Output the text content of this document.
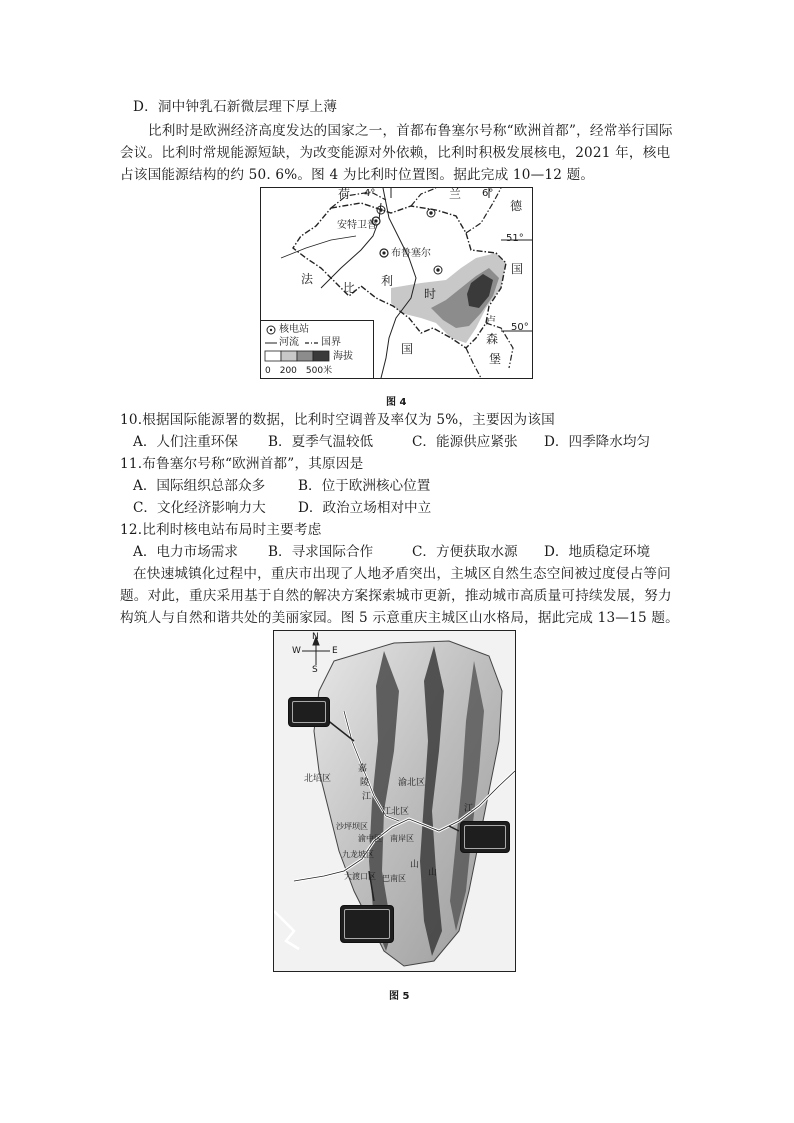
D．洞中钟乳石新微层理下厚上薄
比利时是欧洲经济高度发达的国家之一，首都布鲁塞尔号称“欧洲首都”，经常举行国际
会议。比利时常规能源短缺，为改变能源对外依赖，比利时积极发展核电，2021 年，核电
占该国能源结构的约 50. 6%。图 4 为比利时位置图。据此完成 10—12 题。
荷 4°	兰 6°
德
安特卫普
51°
布鲁塞尔
比
法	利
国
时
卢
50°
森
堡
国
核电站
河流 国界
海拔
0　200　500米
图 4
10.根据国际能源署的数据，比利时空调普及率仅为 5%，主要因为该国
A．人们注重环保 B．夏季气温较低	C．能源供应紧张 D．四季降水均匀
11.布鲁塞尔号称“欧洲首都”，其原因是
A．国际组织总部众多 B．位于欧洲核心位置
C．文化经济影响力大 D．政治立场相对中立
12.比利时核电站布局时主要考虑
A．电力市场需求 B．寻求国际合作	C．方便获取水源 D．地质稳定环境
在快速城镇化过程中，重庆市出现了人地矛盾突出，主城区自然生态空间被过度侵占等问
题。对此，重庆采用基于自然的解决方案探索城市更新，推动城市高质量可持续发展，努力
构筑人与自然和谐共处的美丽家园。图 5 示意重庆主城区山水格局，据此完成 13—15 题。
N
S
W	E
北培区
嘉
陵
江
渝北区
江北区
沙坪坝区
渝中区 南岸区
九龙坡区
大渡口区 巴南区
山
山
江
图 5
